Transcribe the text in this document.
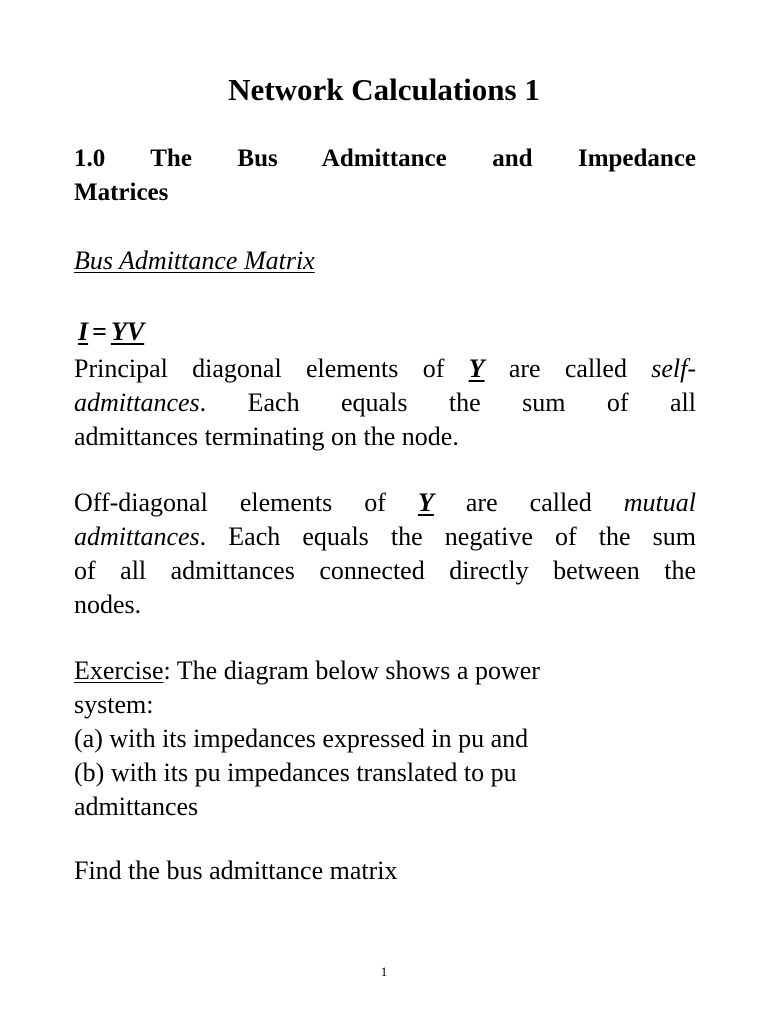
Network Calculations 1
1.0 The Bus Admittance and Impedance
Matrices
Bus Admittance Matrix
I = YV
Principal diagonal elements of Y are called self-
admittances. Each equals the sum of all
admittances terminating on the node.
Off-diagonal elements of Y are called mutual
admittances. Each equals the negative of the sum
of all admittances connected directly between the
nodes.
Exercise: The diagram below shows a power
system:
(a) with its impedances expressed in pu and
(b) with its pu impedances translated to pu
admittances
Find the bus admittance matrix
1
